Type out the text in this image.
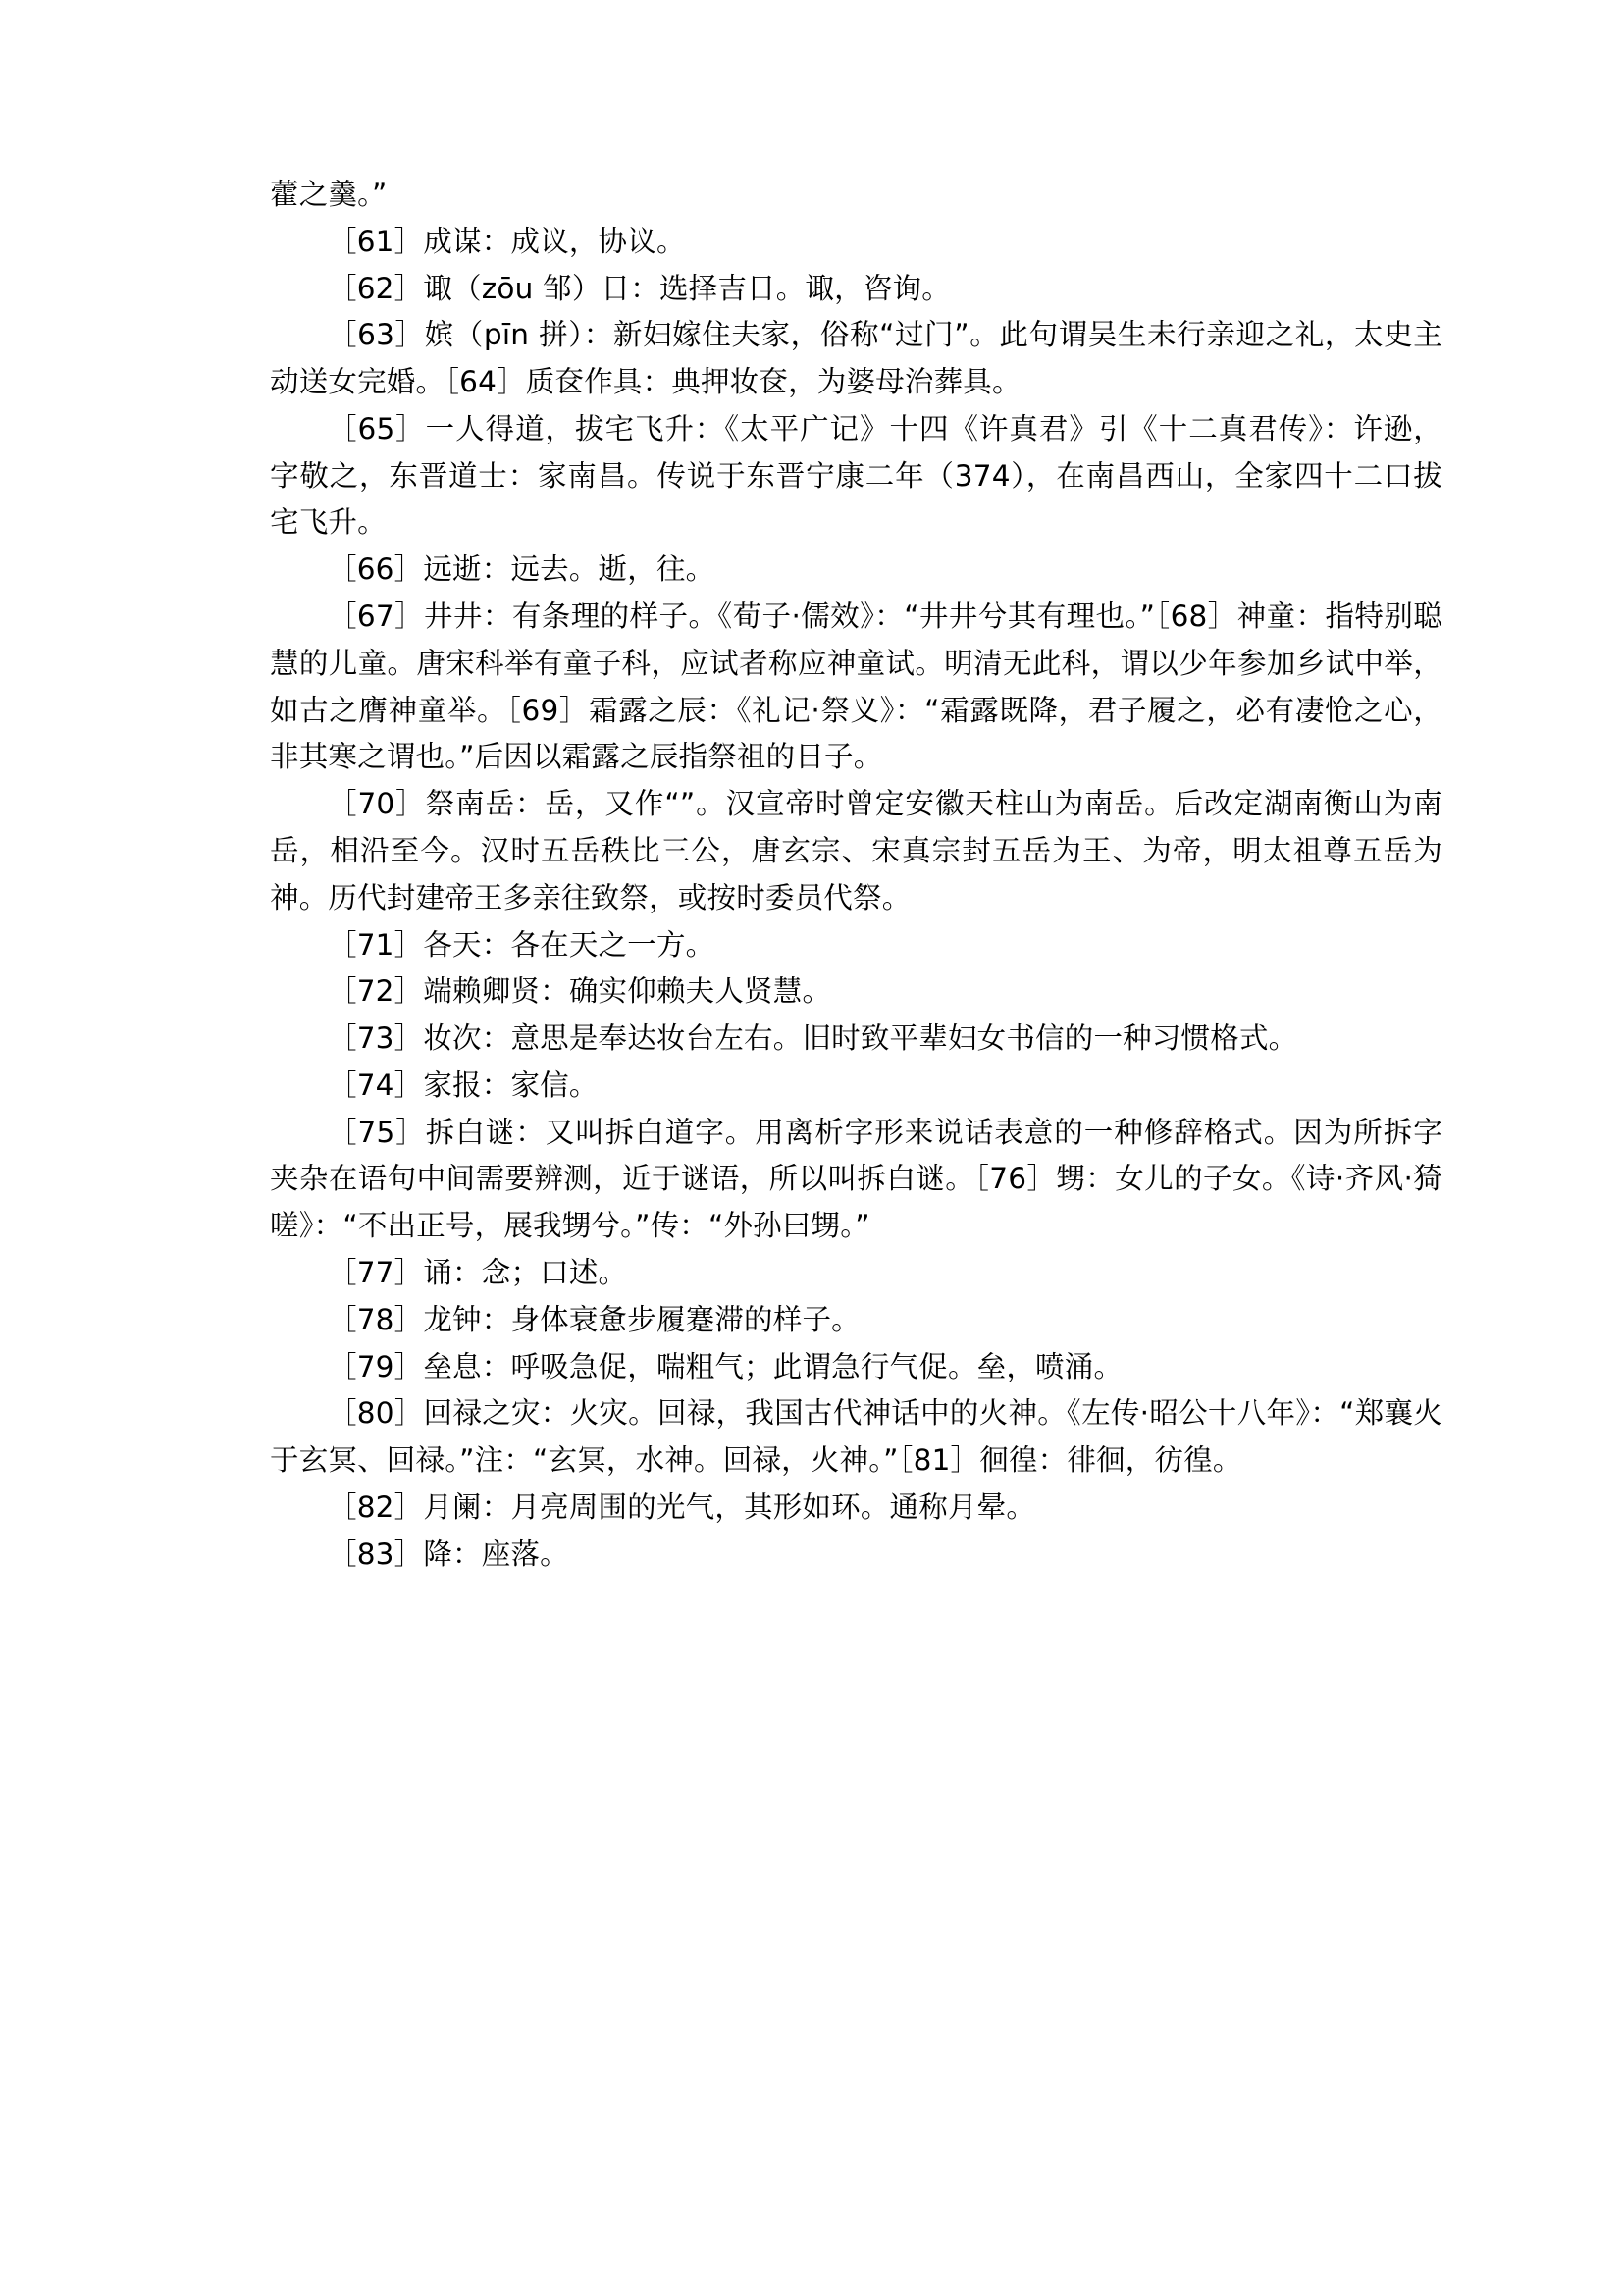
藿之羹。”

［61］成谋：成议，协议。

［62］诹（zōu 邹）日：选择吉日。诹，咨询。

［63］嫔（pīn 拼）：新妇嫁住夫家，俗称“过门”。此句谓吴生未行亲迎之礼，太史主动送女完婚。［64］质奁作具：典押妆奁，为婆母治葬具。

［65］一人得道，拔宅飞升：《太平广记》十四《许真君》引《十二真君传》：许逊，字敬之，东晋道士：家南昌。传说于东晋宁康二年（374），在南昌西山，全家四十二口拔宅飞升。

［66］远逝：远去。逝，往。

［67］井井：有条理的样子。《荀子·儒效》：“井井兮其有理也。”［68］神童：指特别聪慧的儿童。唐宋科举有童子科，应试者称应神童试。明清无此科，谓以少年参加乡试中举，如古之膺神童举。［69］霜露之辰：《礼记·祭义》：“霜露既降，君子履之，必有凄怆之心，非其寒之谓也。”后因以霜露之辰指祭祖的日子。

［70］祭南岳：岳，又作“”。汉宣帝时曾定安徽天柱山为南岳。后改定湖南衡山为南岳，相沿至今。汉时五岳秩比三公，唐玄宗、宋真宗封五岳为王、为帝，明太祖尊五岳为神。历代封建帝王多亲往致祭，或按时委员代祭。

［71］各天：各在天之一方。

［72］端赖卿贤：确实仰赖夫人贤慧。

［73］妆次：意思是奉达妆台左右。旧时致平辈妇女书信的一种习惯格式。

［74］家报：家信。

［75］拆白谜：又叫拆白道字。用离析字形来说话表意的一种修辞格式。因为所拆字夹杂在语句中间需要辨测，近于谜语，所以叫拆白谜。［76］甥：女儿的子女。《诗·齐风·猗嗟》：“不出正号，展我甥兮。”传：“外孙曰甥。”

［77］诵：念；口述。

［78］龙钟：身体衰惫步履蹇滞的样子。

［79］垒息：呼吸急促，喘粗气；此谓急行气促。垒，喷涌。

［80］回禄之灾：火灾。回禄，我国古代神话中的火神。《左传·昭公十八年》：“郑襄火于玄冥、回禄。”注：“玄冥，水神。回禄，火神。”［81］徊徨：徘徊，彷徨。

［82］月阑：月亮周围的光气，其形如环。通称月晕。

［83］降：座落。
